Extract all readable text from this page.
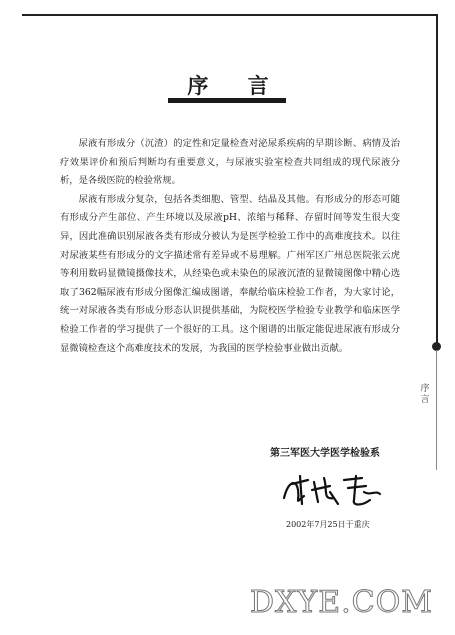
序
言
序 言

尿液有形成分（沉渣）的定性和定量检查对泌尿系疾病的早期诊断、病情及治疗效果评价和预后判断均有重要意义，与尿液实验室检查共同组成的现代尿液分析，是各级医院的检验常规。

尿液有形成分复杂，包括各类细胞、管型、结晶及其他。有形成分的形态可随有形成分产生部位、产生环境以及尿液pH、浓缩与稀释、存留时间等发生很大变异，因此准确识别尿液各类有形成分被认为是医学检验工作中的高难度技术。以往对尿液某些有形成分的文字描述常有差异或不易理解。广州军区广州总医院张云虎等利用数码显微镜摄像技术，从经染色或未染色的尿液沉渣的显微镜图像中精心选取了362幅尿液有形成分图像汇编成图谱，奉献给临床检验工作者，为大家讨论，统一对尿液各类有形成分形态认识提供基础，为院校医学检验专业教学和临床医学检验工作者的学习提供了一个很好的工具。这个图谱的出版定能促进尿液有形成分显微镜检查这个高难度技术的发展，为我国的医学检验事业做出贡献。

第三军医大学医学检验系
2002年7月25日于重庆
DXYE.COM
